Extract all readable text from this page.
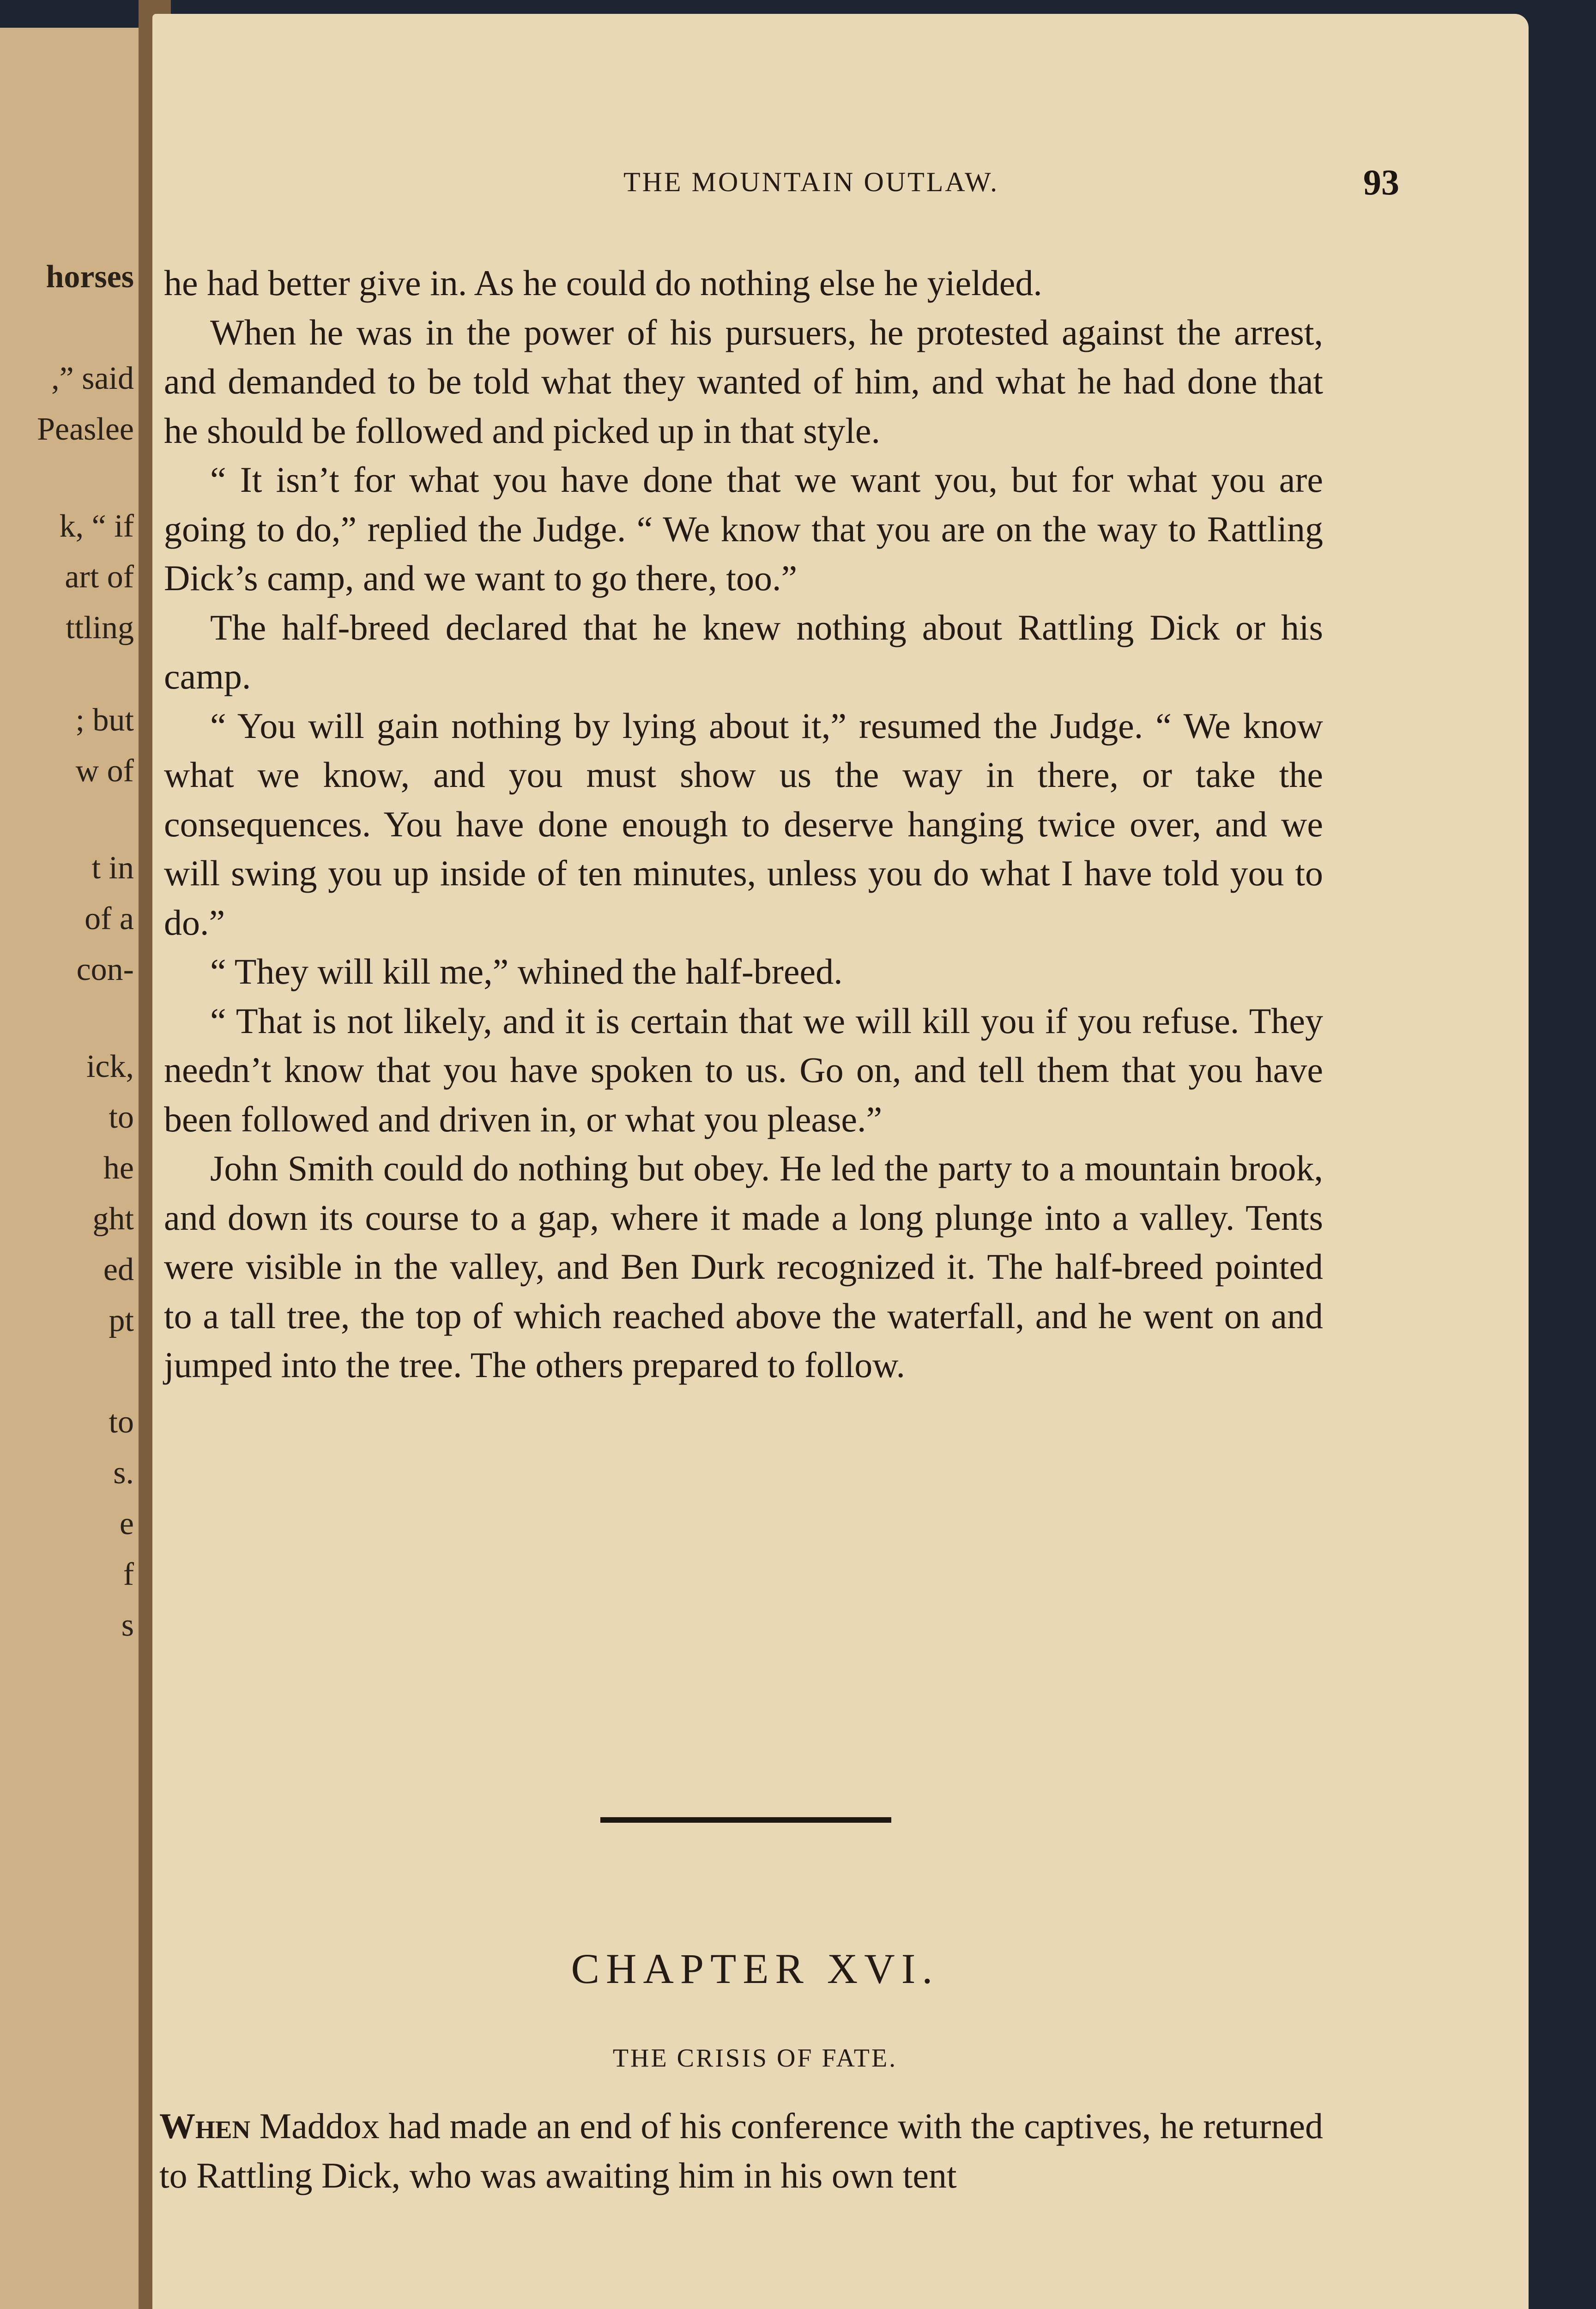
horses
,” said
Peaslee
k, “ if
art of
ttling
; but
w of
t in
of a
con-
ick,
to
he
ght
ed
pt
to
s.
e
f
s
THE MOUNTAIN OUTLAW.	93

he had better give in. As he could do nothing else he yielded.

When he was in the power of his pursuers, he protested against the arrest, and demanded to be told what they wanted of him, and what he had done that he should be followed and picked up in that style.

“ It isn’t for what you have done that we want you, but for what you are going to do,” replied the Judge. “ We know that you are on the way to Rattling Dick’s camp, and we want to go there, too.”

The half-breed declared that he knew nothing about Rattling Dick or his camp.

“ You will gain nothing by lying about it,” resumed the Judge. “ We know what we know, and you must show us the way in there, or take the consequences. You have done enough to deserve hanging twice over, and we will swing you up inside of ten minutes, unless you do what I have told you to do.”

“ They will kill me,” whined the half-breed.

“ That is not likely, and it is certain that we will kill you if you refuse. They needn’t know that you have spoken to us. Go on, and tell them that you have been followed and driven in, or what you please.”

John Smith could do nothing but obey. He led the party to a mountain brook, and down its course to a gap, where it made a long plunge into a valley. Tents were visible in the valley, and Ben Durk recognized it. The half-breed pointed to a tall tree, the top of which reached above the waterfall, and he went on and jumped into the tree. The others prepared to follow.

CHAPTER XVI.
THE CRISIS OF FATE.
When Maddox had made an end of his conference with the captives, he returned to Rattling Dick, who was awaiting him in his own tent
